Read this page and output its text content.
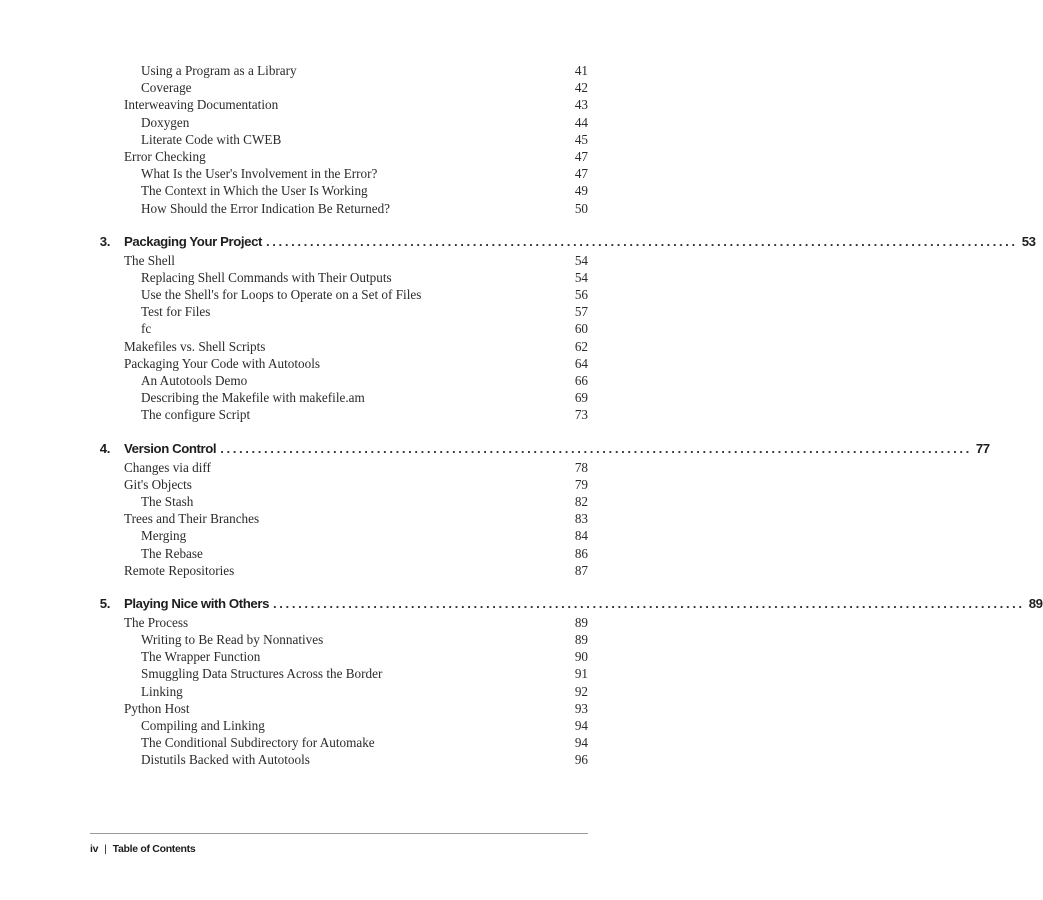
Using a Program as a Library	41
Coverage	42
Interweaving Documentation	43
Doxygen	44
Literate Code with CWEB	45
Error Checking	47
What Is the User's Involvement in the Error?	47
The Context in Which the User Is Working	49
How Should the Error Indication Be Returned?	50
3. Packaging Your Project ........................................................................................................................ 53
The Shell	54
Replacing Shell Commands with Their Outputs	54
Use the Shell's for Loops to Operate on a Set of Files	56
Test for Files	57
fc	60
Makefiles vs. Shell Scripts	62
Packaging Your Code with Autotools	64
An Autotools Demo	66
Describing the Makefile with makefile.am	69
The configure Script	73
4. Version Control ........................................................................................................................ 77
Changes via diff	78
Git's Objects	79
The Stash	82
Trees and Their Branches	83
Merging	84
The Rebase	86
Remote Repositories	87
5. Playing Nice with Others ........................................................................................................................ 89
The Process	89
Writing to Be Read by Nonnatives	89
The Wrapper Function	90
Smuggling Data Structures Across the Border	91
Linking	92
Python Host	93
Compiling and Linking	94
The Conditional Subdirectory for Automake	94
Distutils Backed with Autotools	96
iv | Table of Contents
